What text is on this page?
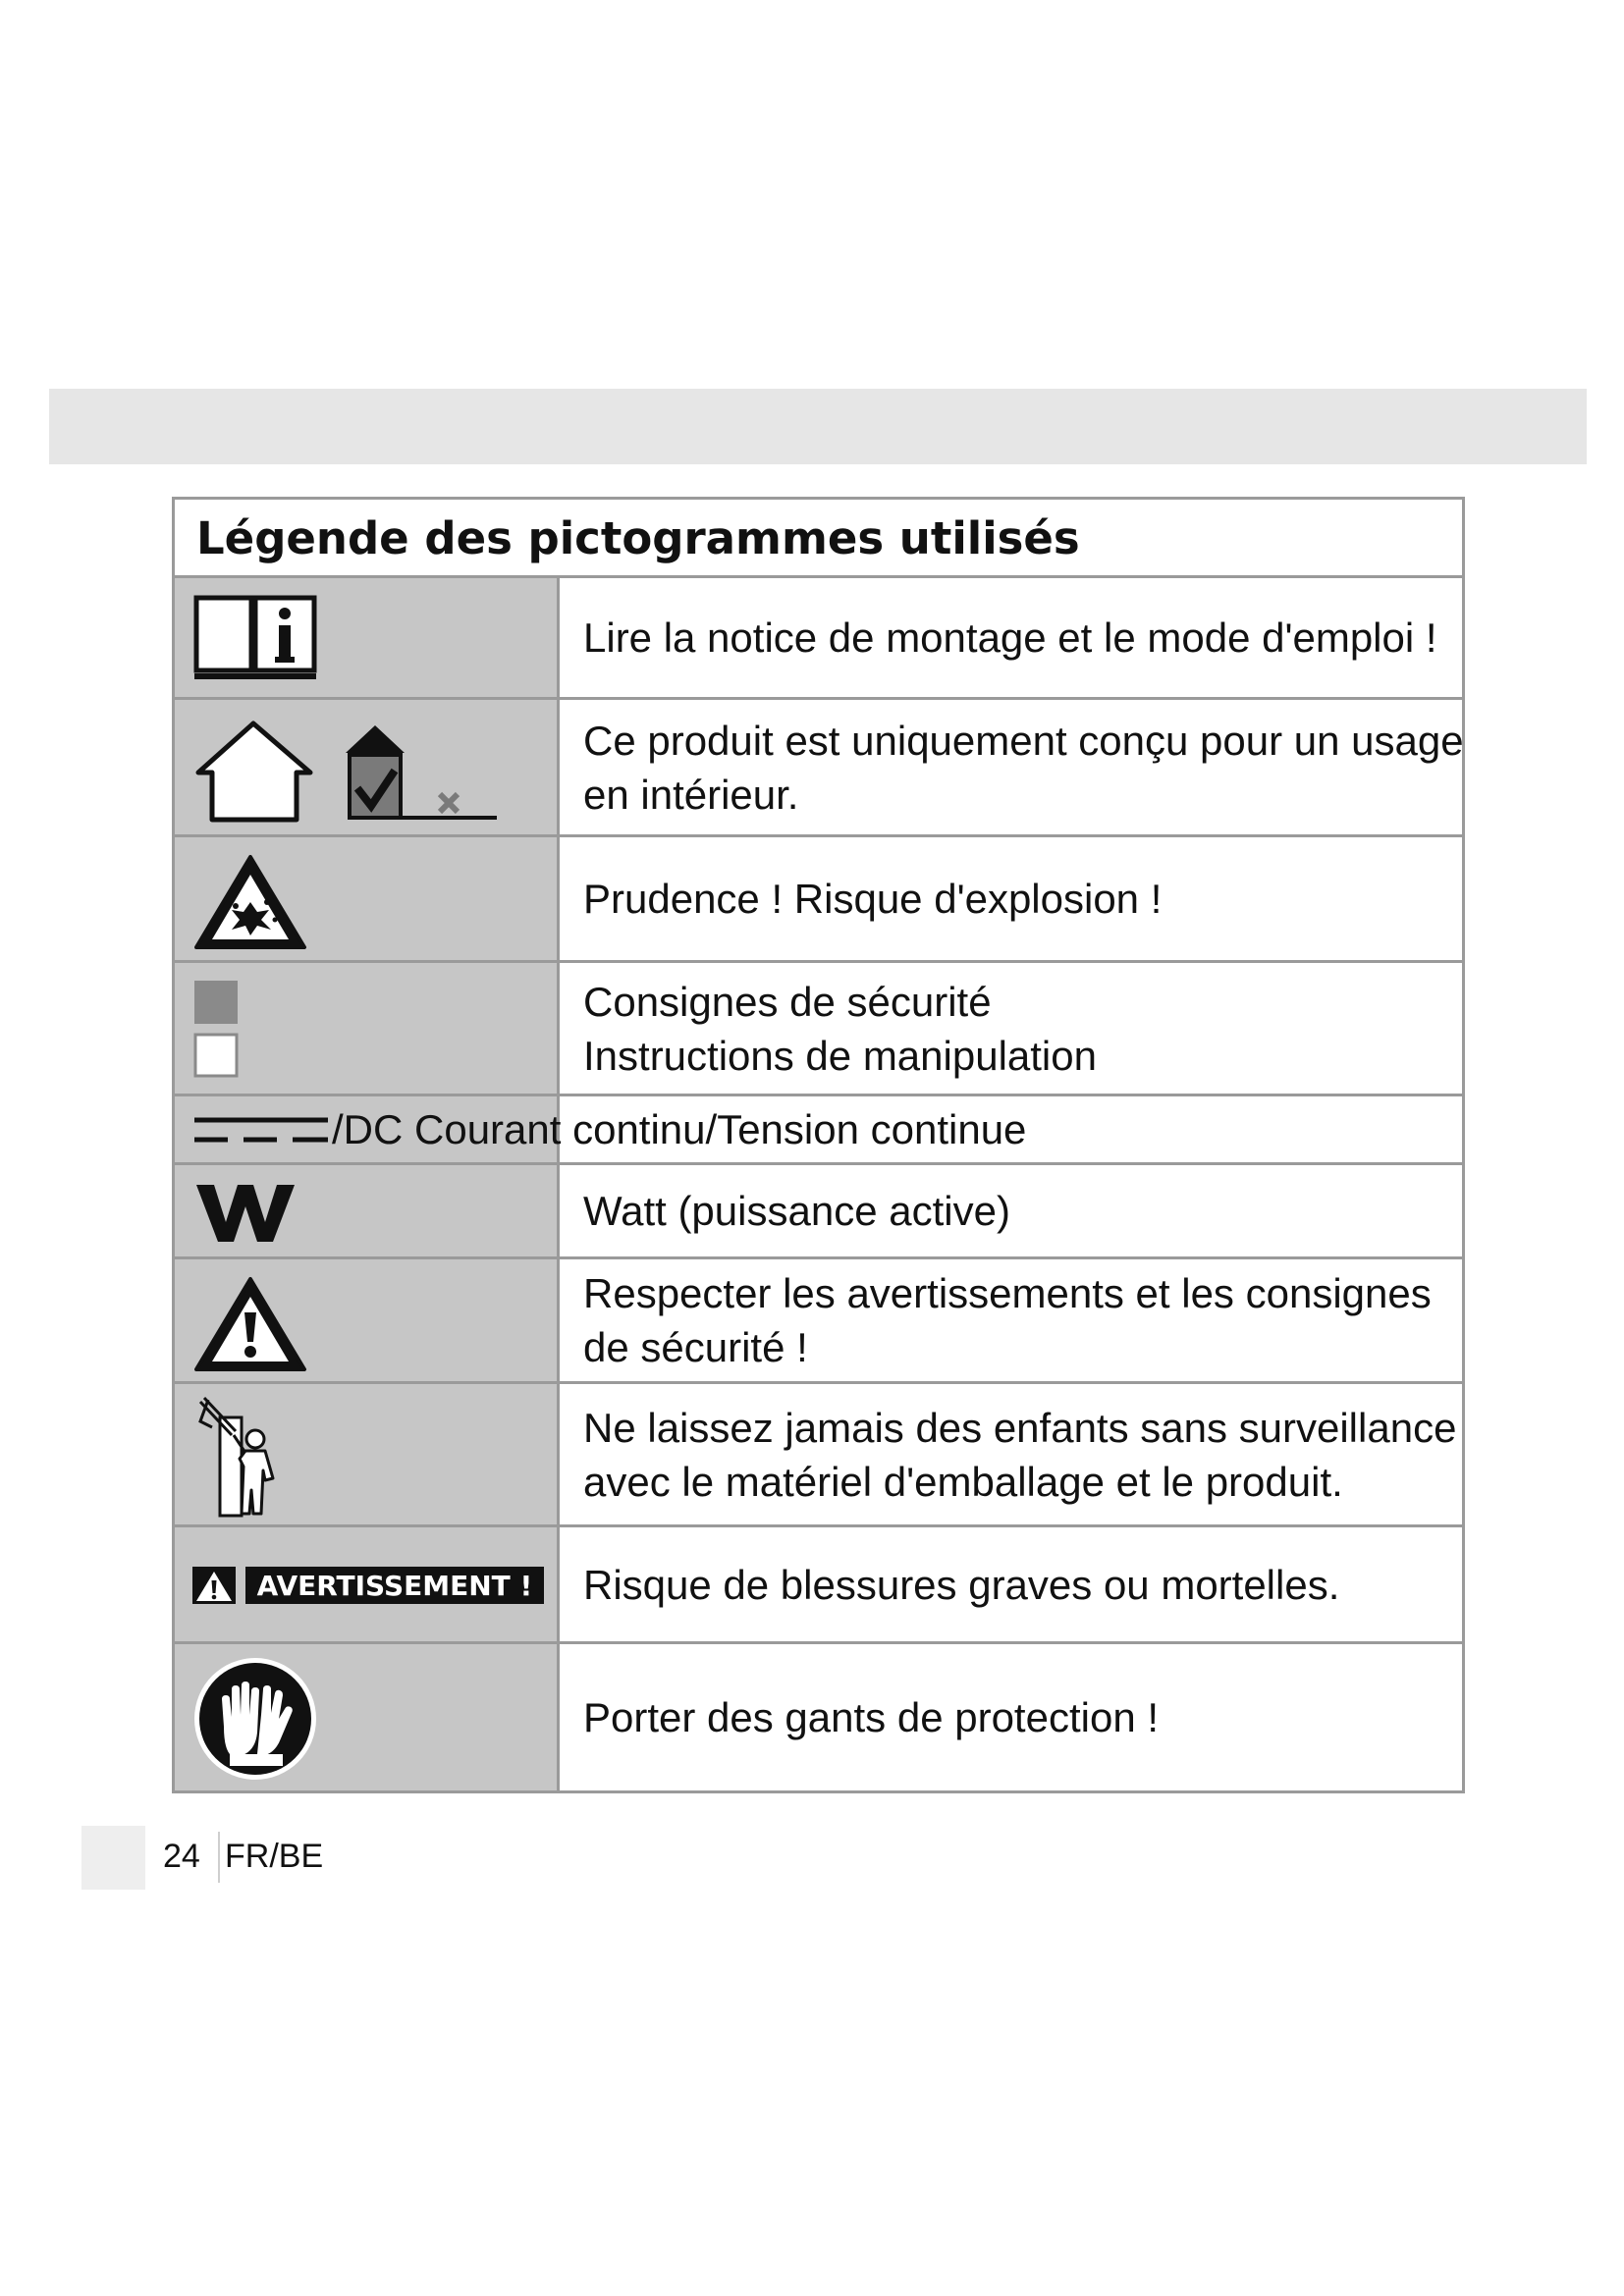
Légende des pictogrammes utilisés
Lire la notice de montage et le mode d'emploi !
Ce produit est uniquement conçu pour un usage
en intérieur.
Prudence ! Risque d'explosion !
Consignes de sécurité
Instructions de manipulation
/DC Courant continu/Tension continue
Watt (puissance active)
Respecter les avertissements et les consignes
de sécurité !
Ne laissez jamais des enfants sans surveillance
avec le matériel d'emballage et le produit.
AVERTISSEMENT ! Risque de blessures graves ou mortelles.
Porter des gants de protection !
24 FR/BE
